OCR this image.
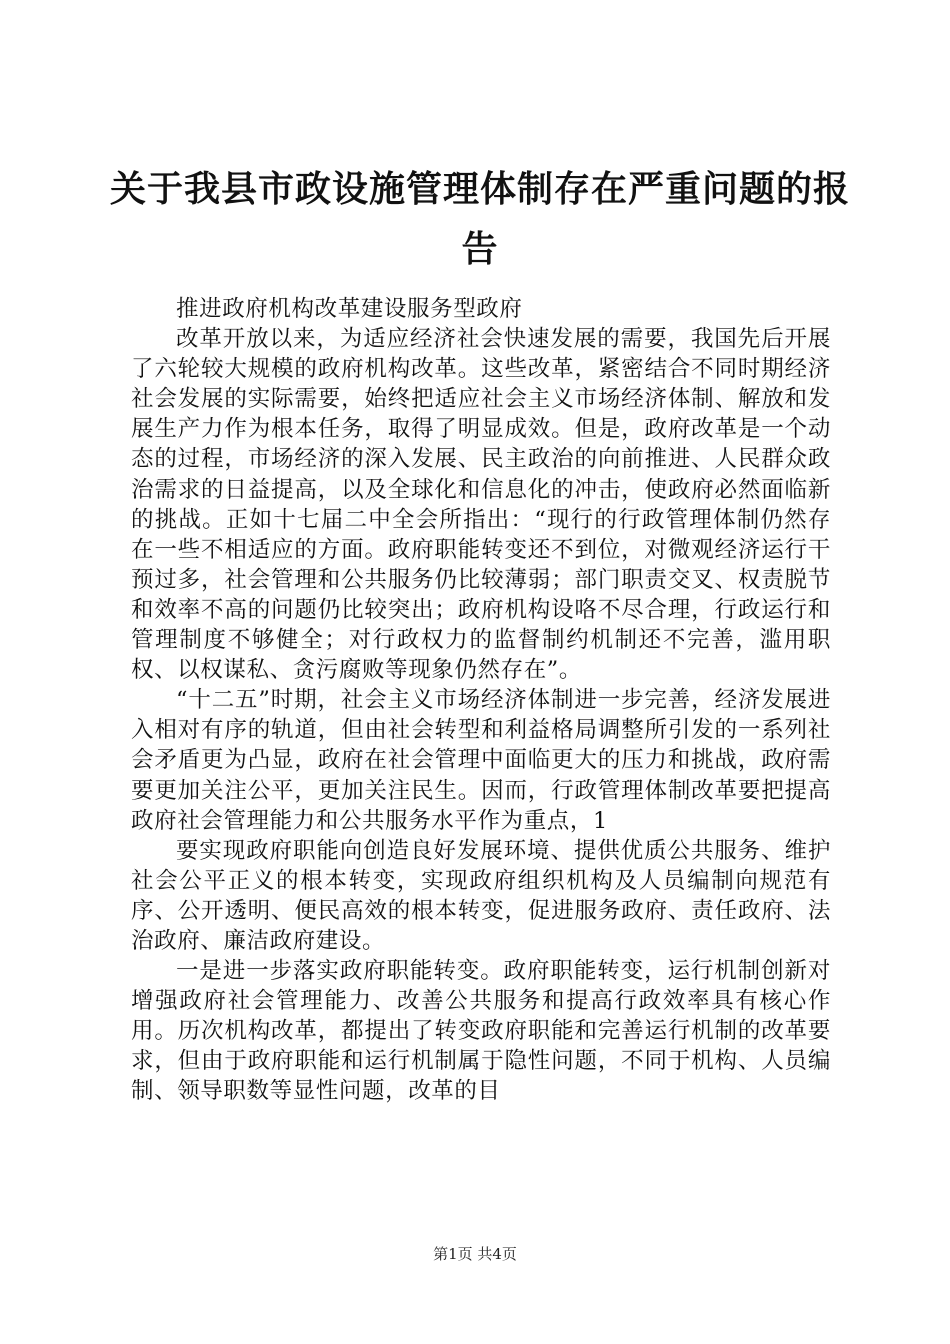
关于我县市政设施管理体制存在严重问题的报告

推进政府机构改革建设服务型政府

改革开放以来，为适应经济社会快速发展的需要，我国先后开展了六轮较大规模的政府机构改革。这些改革，紧密结合不同时期经济社会发展的实际需要，始终把适应社会主义市场经济体制、解放和发展生产力作为根本任务，取得了明显成效。但是，政府改革是一个动态的过程，市场经济的深入发展、民主政治的向前推进、人民群众政治需求的日益提高，以及全球化和信息化的冲击，使政府必然面临新的挑战。正如十七届二中全会所指出：“现行的行政管理体制仍然存在一些不相适应的方面。政府职能转变还不到位，对微观经济运行干预过多，社会管理和公共服务仍比较薄弱；部门职责交叉、权责脱节和效率不高的问题仍比较突出；政府机构设咯不尽合理，行政运行和管理制度不够健全；对行政权力的监督制约机制还不完善，滥用职权、以权谋私、贪污腐败等现象仍然存在”。

“十二五”时期，社会主义市场经济体制进一步完善，经济发展进入相对有序的轨道，但由社会转型和利益格局调整所引发的一系列社会矛盾更为凸显，政府在社会管理中面临更大的压力和挑战，政府需要更加关注公平，更加关注民生。因而，行政管理体制改革要把提高政府社会管理能力和公共服务水平作为重点，1

要实现政府职能向创造良好发展环境、提供优质公共服务、维护社会公平正义的根本转变，实现政府组织机构及人员编制向规范有序、公开透明、便民高效的根本转变，促进服务政府、责任政府、法治政府、廉洁政府建设。

一是进一步落实政府职能转变。政府职能转变，运行机制创新对增强政府社会管理能力、改善公共服务和提高行政效率具有核心作用。历次机构改革，都提出了转变政府职能和完善运行机制的改革要求，但由于政府职能和运行机制属于隐性问题，不同于机构、人员编制、领导职数等显性问题，改革的目

第1页 共4页
